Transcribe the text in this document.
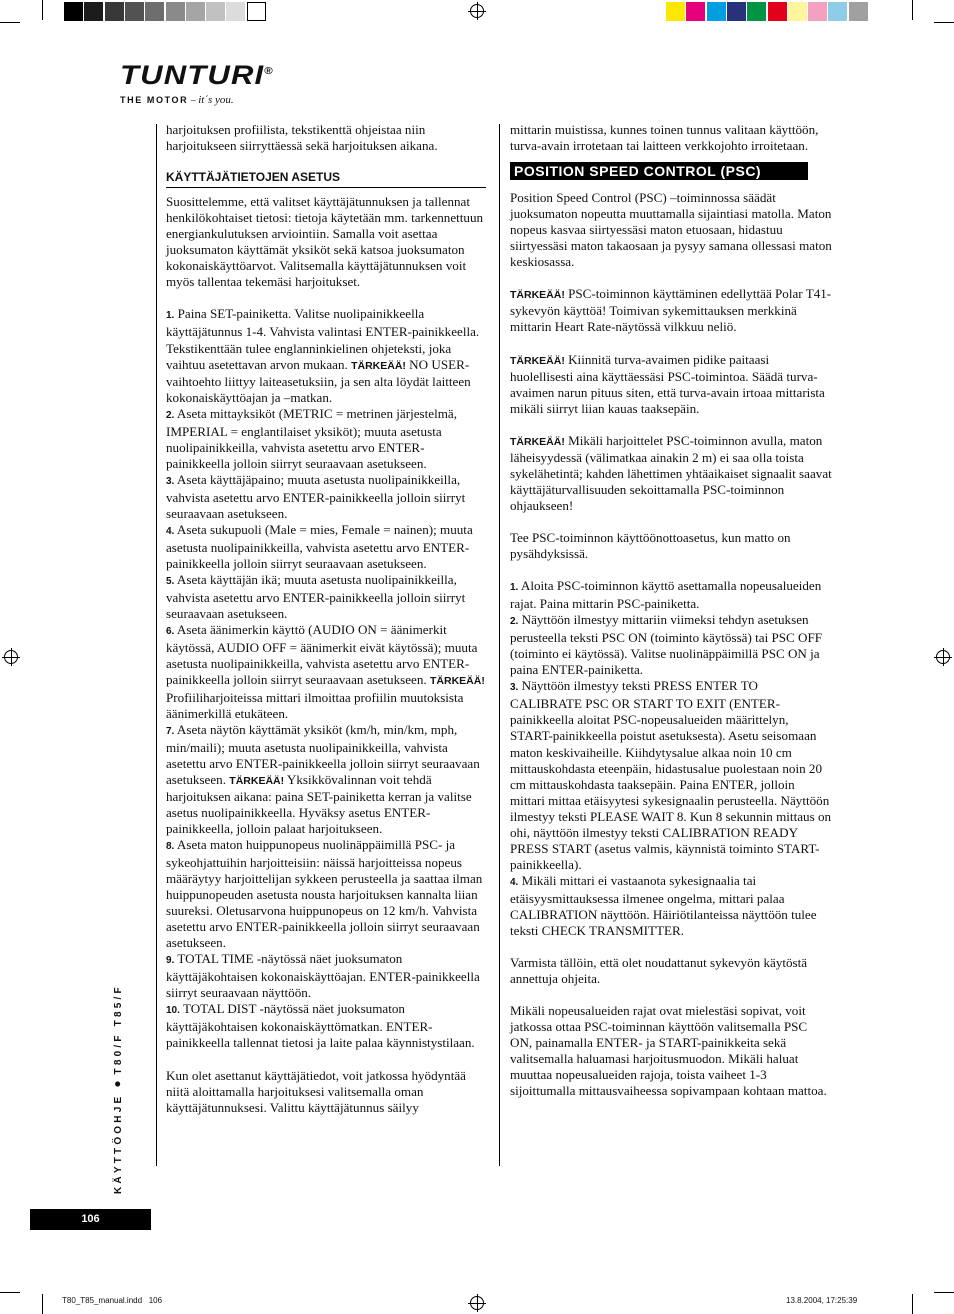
TUNTURI®
THE MOTOR – it´s you.
KÄYTTÖOHJE ● T80/F T85/F
106

harjoituksen profiilista, tekstikenttä ohjeistaa niin harjoitukseen siirryttäessä sekä harjoituksen aikana.

KÄYTTÄJÄTIETOJEN ASETUS

Suosittelemme, että valitset käyttäjätunnuksen ja tallennat henkilökohtaiset tietosi: tietoja käytetään mm. tarkennettuun energiankulutuksen arviointiin. Samalla voit asettaa juoksumaton käyttämät yksiköt sekä katsoa juoksumaton kokonaiskäyttöarvot. Valitsemalla käyttäjätunnuksen voit myös tallentaa tekemäsi harjoitukset.

1. Paina SET-painiketta. Valitse nuolipainikkeella käyttäjätunnus 1-4. Vahvista valintasi ENTER-painikkeella. Tekstikenttään tulee englanninkielinen ohjeteksti, joka vaihtuu asetettavan arvon mukaan. TÄRKEÄÄ! NO USER-vaihtoehto liittyy laiteasetuksiin, ja sen alta löydät laitteen kokonaiskäyttöajan ja –matkan.

2. Aseta mittayksiköt (METRIC = metrinen järjestelmä, IMPERIAL = englantilaiset yksiköt); muuta asetusta nuolipainikkeilla, vahvista asetettu arvo ENTER-painikkeella jolloin siirryt seuraavaan asetukseen.

3. Aseta käyttäjäpaino; muuta asetusta nuolipainikkeilla, vahvista asetettu arvo ENTER-painikkeella jolloin siirryt seuraavaan asetukseen.

4. Aseta sukupuoli (Male = mies, Female = nainen); muuta asetusta nuolipainikkeilla, vahvista asetettu arvo ENTER-painikkeella jolloin siirryt seuraavaan asetukseen.

5. Aseta käyttäjän ikä; muuta asetusta nuolipainikkeilla, vahvista asetettu arvo ENTER-painikkeella jolloin siirryt seuraavaan asetukseen.

6. Aseta äänimerkin käyttö (AUDIO ON = äänimerkit käytössä, AUDIO OFF = äänimerkit eivät käytössä); muuta asetusta nuolipainikkeilla, vahvista asetettu arvo ENTER-painikkeella jolloin siirryt seuraavaan asetukseen. TÄRKEÄÄ! Profiiliharjoiteissa mittari ilmoittaa profiilin muutoksista äänimerkillä etukäteen.

7. Aseta näytön käyttämät yksiköt (km/h, min/km, mph, min/maili); muuta asetusta nuolipainikkeilla, vahvista asetettu arvo ENTER-painikkeella jolloin siirryt seuraavaan asetukseen. TÄRKEÄÄ! Yksikkövalinnan voit tehdä harjoituksen aikana: paina SET-painiketta kerran ja valitse asetus nuolipainikkeella. Hyväksy asetus ENTER-painikkeella, jolloin palaat harjoitukseen.

8. Aseta maton huippunopeus nuolinäppäimillä PSC- ja sykeohjattuihin harjoitteisiin: näissä harjoitteissa nopeus määräytyy harjoittelijan sykkeen perusteella ja saattaa ilman huippunopeuden asetusta nousta harjoituksen kannalta liian suureksi. Oletusarvona huippunopeus on 12 km/h. Vahvista asetettu arvo ENTER-painikkeella jolloin siirryt seuraavaan asetukseen.

9. TOTAL TIME -näytössä näet juoksumaton käyttäjäkohtaisen kokonaiskäyttöajan. ENTER-painikkeella siirryt seuraavaan näyttöön.

10. TOTAL DIST -näytössä näet juoksumaton käyttäjäkohtaisen kokonaiskäyttömatkan. ENTER-painikkeella tallennat tietosi ja laite palaa käynnistystilaan.

Kun olet asettanut käyttäjätiedot, voit jatkossa hyödyntää niitä aloittamalla harjoituksesi valitsemalla oman käyttäjätunnuksesi. Valittu käyttäjätunnus säilyy

mittarin muistissa, kunnes toinen tunnus valitaan käyttöön, turva-avain irrotetaan tai laitteen verkkojohto irroitetaan.

POSITION SPEED CONTROL (PSC)

Position Speed Control (PSC) –toiminnossa säädät juoksumaton nopeutta muuttamalla sijaintiasi matolla. Maton nopeus kasvaa siirtyessäsi maton etuosaan, hidastuu siirtyessäsi maton takaosaan ja pysyy samana ollessasi maton keskiosassa.

TÄRKEÄÄ! PSC-toiminnon käyttäminen edellyttää Polar T41-sykevyön käyttöä! Toimivan sykemittauksen merkkinä mittarin Heart Rate-näytössä vilkkuu neliö.

TÄRKEÄÄ! Kiinnitä turva-avaimen pidike paitaasi huolellisesti aina käyttäessäsi PSC-toimintoa. Säädä turva-avaimen narun pituus siten, että turva-avain irtoaa mittarista mikäli siirryt liian kauas taaksepäin.

TÄRKEÄÄ! Mikäli harjoittelet PSC-toiminnon avulla, maton läheisyydessä (välimatkaa ainakin 2 m) ei saa olla toista sykelähetintä; kahden lähettimen yhtäaikaiset signaalit saavat käyttäjäturvallisuuden sekoittamalla PSC-toiminnon ohjaukseen!

Tee PSC-toiminnon käyttöönottoasetus, kun matto on pysähdyksissä.

1. Aloita PSC-toiminnon käyttö asettamalla nopeusalueiden rajat. Paina mittarin PSC-painiketta.

2. Näyttöön ilmestyy mittariin viimeksi tehdyn asetuksen perusteella teksti PSC ON (toiminto käytössä) tai PSC OFF (toiminto ei käytössä). Valitse nuolinäppäimillä PSC ON ja paina ENTER-painiketta.

3. Näyttöön ilmestyy teksti PRESS ENTER TO CALIBRATE PSC OR START TO EXIT (ENTER-painikkeella aloitat PSC-nopeusalueiden määrittelyn, START-painikkeella poistut asetuksesta). Asetu seisomaan maton keskivaiheille. Kiihdytysalue alkaa noin 10 cm mittauskohdasta eteenpäin, hidastusalue puolestaan noin 20 cm mittauskohdasta taaksepäin. Paina ENTER, jolloin mittari mittaa etäisyytesi sykesignaalin perusteella. Näyttöön ilmestyy teksti PLEASE WAIT 8. Kun 8 sekunnin mittaus on ohi, näyttöön ilmestyy teksti CALIBRATION READY PRESS START (asetus valmis, käynnistä toiminto START-painikkeella).

4. Mikäli mittari ei vastaanota sykesignaalia tai etäisyysmittauksessa ilmenee ongelma, mittari palaa CALIBRATION näyttöön. Häiriötilanteissa näyttöön tulee teksti CHECK TRANSMITTER.

Varmista tällöin, että olet noudattanut sykevyön käytöstä annettuja ohjeita.

Mikäli nopeusalueiden rajat ovat mielestäsi sopivat, voit jatkossa ottaa PSC-toiminnan käyttöön valitsemalla PSC ON, painamalla ENTER- ja START-painikkeita sekä valitsemalla haluamasi harjoitusmuodon. Mikäli haluat muuttaa nopeusalueiden rajoja, toista vaiheet 1-3 sijoittumalla mittausvaiheessa sopivampaan kohtaan mattoa.

T80_T85_manual.indd   106	13.8.2004, 17:25:39
